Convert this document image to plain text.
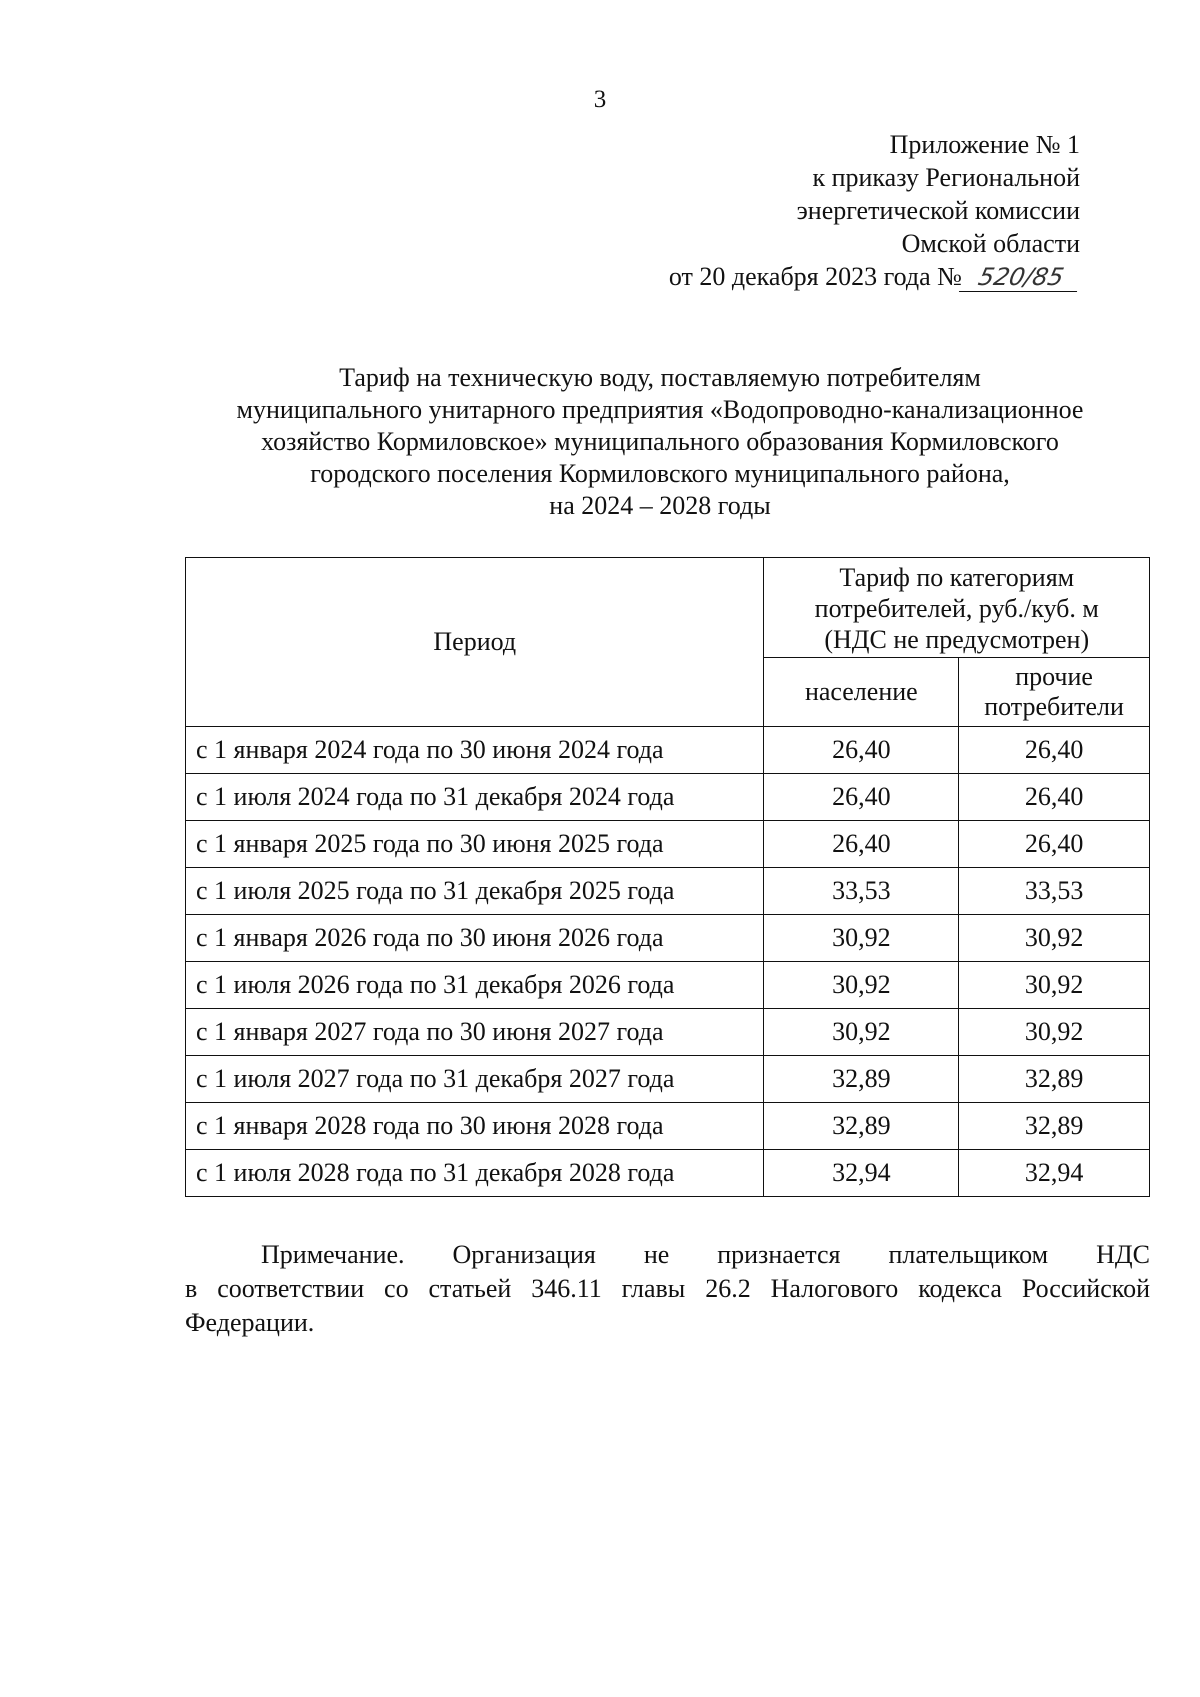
3
Приложение № 1
к приказу Региональной
энергетической комиссии
Омской области
от 20 декабря 2023 года № 520/85
Тариф на техническую воду, поставляемую потребителям
муниципального унитарного предприятия «Водопроводно-канализационное
хозяйство Кормиловское» муниципального образования Кормиловского
городского поселения Кормиловского муниципального района,
на 2024 – 2028 годы
Период	Тариф по категориям
потребителей, руб./куб. м
(НДС не предусмотрен)	

	население	прочие
потребители

с 1 января 2024 года по 30 июня 2024 года	26,40	26,40
с 1 июля 2024 года по 31 декабря 2024 года	26,40	26,40
с 1 января 2025 года по 30 июня 2025 года	26,40	26,40
с 1 июля 2025 года по 31 декабря 2025 года	33,53	33,53
с 1 января 2026 года по 30 июня 2026 года	30,92	30,92
с 1 июля 2026 года по 31 декабря 2026 года	30,92	30,92
с 1 января 2027 года по 30 июня 2027 года	30,92	30,92
с 1 июля 2027 года по 31 декабря 2027 года	32,89	32,89
с 1 января 2028 года по 30 июня 2028 года	32,89	32,89
с 1 июля 2028 года по 31 декабря 2028 года	32,94	32,94
Примечание. Организация не признается плательщиком НДС
в соответствии со статьей 346.11 главы 26.2 Налогового кодекса Российской
Федерации.
